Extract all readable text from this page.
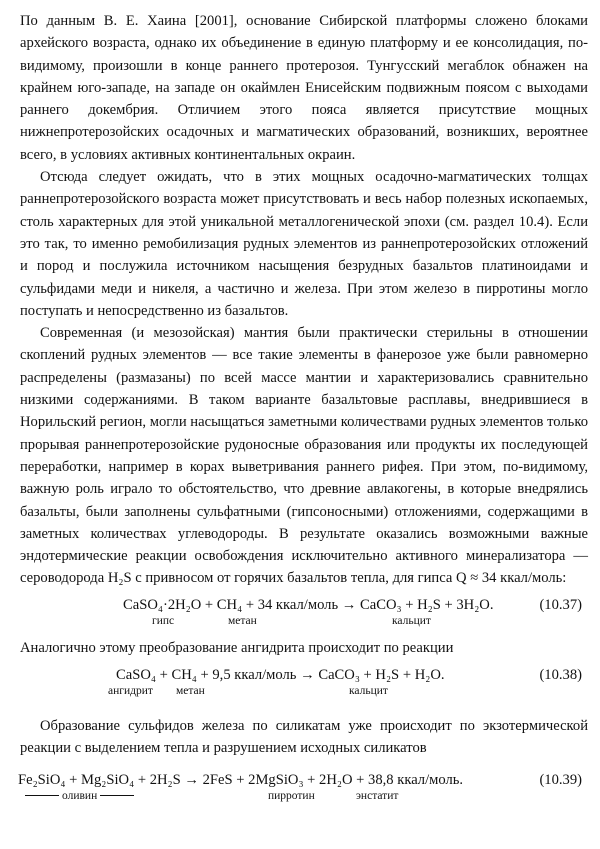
По данным В. Е. Хаина [2001], основание Сибирской платформы сложено блоками архейского возраста, однако их объединение в единую платформу и ее консолидация, по-видимому, произошли в конце раннего протерозоя. Тунгусский мегаблок обнажен на крайнем юго-западе, на западе он окаймлен Енисейским подвижным поясом с выходами раннего докембрия. Отличием этого пояса является присутствие мощных нижнепротерозойских осадочных и магматических образований, возникших, вероятнее всего, в условиях активных континентальных окраин.

Отсюда следует ожидать, что в этих мощных осадочно-магматических толщах раннепротерозойского возраста может присутствовать и весь набор полезных ископаемых, столь характерных для этой уникальной металлогенической эпохи (см. раздел 10.4). Если это так, то именно ремобилизация рудных элементов из раннепротерозойских отложений и пород и послужила источником насыщения безрудных базальтов платиноидами и сульфидами меди и никеля, а частично и железа. При этом железо в пирротины могло поступать и непосредственно из базальтов.

Современная (и мезозойская) мантия были практически стерильны в отношении скоплений рудных элементов — все такие элементы в фанерозое уже были равномерно распределены (размазаны) по всей массе мантии и характеризовались сравнительно низкими содержаниями. В таком варианте базальтовые расплавы, внедрившиеся в Норильский регион, могли насыщаться заметными количествами рудных элементов только прорывая раннепротерозойские рудоносные образования или продукты их последующей переработки, например в корах выветривания раннего рифея. При этом, по-видимому, важную роль играло то обстоятельство, что древние авлакогены, в которые внедрялись базальты, были заполнены сульфатными (гипсоносными) отложениями, содержащими в заметных количествах углеводороды. В результате оказались возможными важные эндотермические реакции освобождения исключительно активного минерализатора — сероводорода H₂S с привносом от горячих базальтов тепла, для гипса Q ≈ 34 ккал/моль:

CaSO₄·2H₂O + CH₄ + 34 ккал/моль → CaCO₃ + H₂S + 3H₂O.	(10.37)
гипс	метан	кальцит

Аналогично этому преобразование ангидрита происходит по реакции

CaSO₄ + CH₄ + 9,5 ккал/моль → CaCO₃ + H₂S + H₂O.	(10.38)
ангидрит метан	кальцит

Образование сульфидов железа по силикатам уже происходит по экзотермической реакции с выделением тепла и разрушением исходных силикатов

Fe₂SiO₄ + Mg₂SiO₄ + 2H₂S → 2FeS + 2MgSiO₃ + 2H₂O + 38,8 ккал/моль.	(10.39)
оливин	пирротин	энстатит
